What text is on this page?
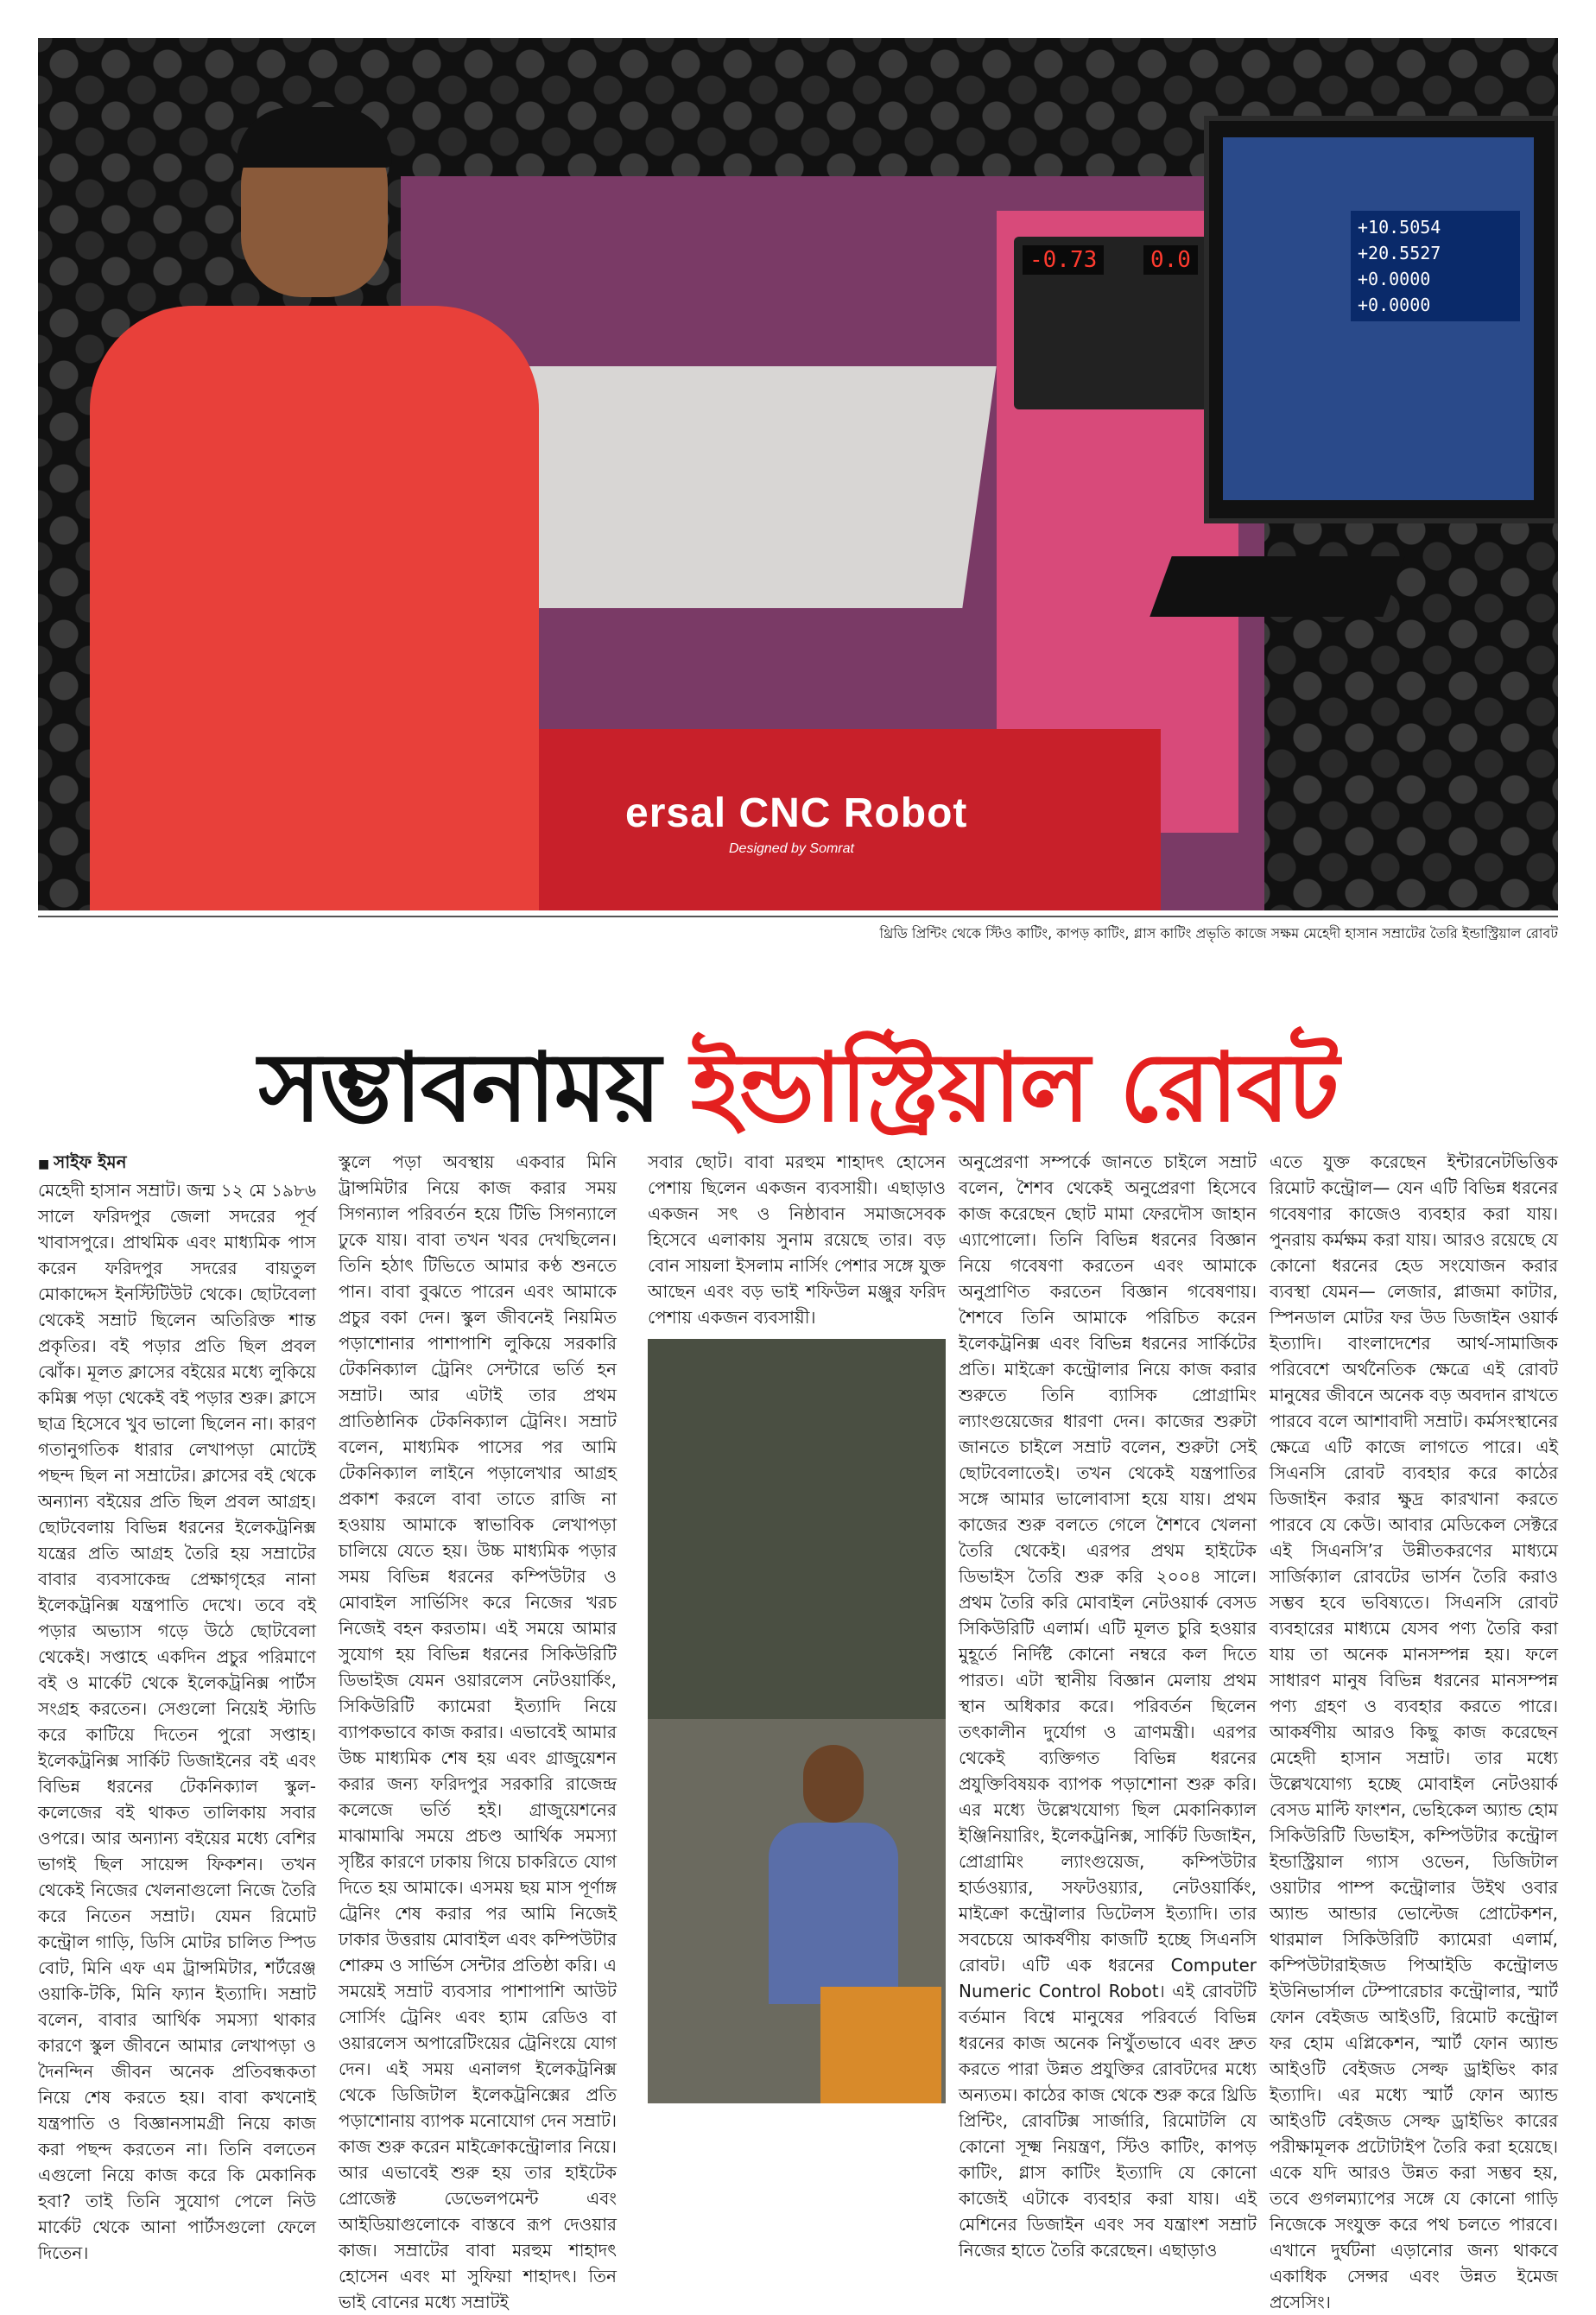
-0.73	0.0
ersal CNC Robot
Designed by Somrat
+10.5054
+20.5527
+0.0000
+0.0000
থ্রিডি প্রিন্টিং থেকে স্টিও কাটিং, কাপড় কাটিং, গ্লাস কাটিং প্রভৃতি কাজে সক্ষম মেহেদী হাসান সম্রাটের তৈরি ইন্ডাস্ট্রিয়াল রোবট
সম্ভাবনাময় ইন্ডাস্ট্রিয়াল রোবট

■ সাইফ ইমন

মেহেদী হাসান সম্রাট। জন্ম ১২ মে ১৯৮৬ সালে ফরিদপুর জেলা সদরের পূর্ব খাবাসপুরে। প্রাথমিক এবং মাধ্যমিক পাস করেন ফরিদপুর সদরের বায়তুল মোকাদ্দেস ইনস্টিটিউট থেকে। ছোটবেলা থেকেই সম্রাট ছিলেন অতিরিক্ত শান্ত প্রকৃতির। বই পড়ার প্রতি ছিল প্রবল ঝোঁক। মূলত ক্লাসের বইয়ের মধ্যে লুকিয়ে কমিক্স পড়া থেকেই বই পড়ার শুরু। ক্লাসে ছাত্র হিসেবে খুব ভালো ছিলেন না। কারণ গতানুগতিক ধারার লেখাপড়া মোটেই পছন্দ ছিল না সম্রাটের। ক্লাসের বই থেকে অন্যান্য বইয়ের প্রতি ছিল প্রবল আগ্রহ। ছোটবেলায় বিভিন্ন ধরনের ইলেকট্রনিক্স যন্ত্রের প্রতি আগ্রহ তৈরি হয় সম্রাটের বাবার ব্যবসাকেন্দ্র প্রেক্ষাগৃহের নানা ইলেকট্রনিক্স যন্ত্রপাতি দেখে। তবে বই পড়ার অভ্যাস গড়ে উঠে ছোটবেলা থেকেই। সপ্তাহে একদিন প্রচুর পরিমাণে বই ও মার্কেট থেকে ইলেকট্রনিক্স পার্টস সংগ্রহ করতেন। সেগুলো নিয়েই স্টাডি করে কাটিয়ে দিতেন পুরো সপ্তাহ। ইলেকট্রনিক্স সার্কিট ডিজাইনের বই এবং বিভিন্ন ধরনের টেকনিক্যাল স্কুল-কলেজের বই থাকত তালিকায় সবার ওপরে। আর অন্যান্য বইয়ের মধ্যে বেশির ভাগই ছিল সায়েন্স ফিকশন। তখন থেকেই নিজের খেলনাগুলো নিজে তৈরি করে নিতেন সম্রাট। যেমন রিমোট কন্ট্রোল গাড়ি, ডিসি মোটর চালিত স্পিড বোট, মিনি এফ এম ট্রান্সমিটার, শর্টরেঞ্জ ওয়াকি-টকি, মিনি ফ্যান ইত্যাদি। সম্রাট বলেন, বাবার আর্থিক সমস্যা থাকার কারণে স্কুল জীবনে আমার লেখাপড়া ও দৈনন্দিন জীবন অনেক প্রতিবন্ধকতা নিয়ে শেষ করতে হয়। বাবা কখনোই যন্ত্রপাতি ও বিজ্ঞানসামগ্রী নিয়ে কাজ করা পছন্দ করতেন না। তিনি বলতেন এগুলো নিয়ে কাজ করে কি মেকানিক হবা? তাই তিনি সুযোগ পেলে নিউ মার্কেট থেকে আনা পার্টসগুলো ফেলে দিতেন।

স্কুলে পড়া অবস্থায় একবার মিনি ট্রান্সমিটার নিয়ে কাজ করার সময় সিগন্যাল পরিবর্তন হয়ে টিভি সিগন্যালে ঢুকে যায়। বাবা তখন খবর দেখছিলেন। তিনি হঠাৎ টিভিতে আমার কণ্ঠ শুনতে পান। বাবা বুঝতে পারেন এবং আমাকে প্রচুর বকা দেন। স্কুল জীবনেই নিয়মিত পড়াশোনার পাশাপাশি লুকিয়ে সরকারি টেকনিক্যাল ট্রেনিং সেন্টারে ভর্তি হন সম্রাট। আর এটাই তার প্রথম প্রাতিষ্ঠানিক টেকনিক্যাল ট্রেনিং। সম্রাট বলেন, মাধ্যমিক পাসের পর আমি টেকনিক্যাল লাইনে পড়ালেখার আগ্রহ প্রকাশ করলে বাবা তাতে রাজি না হওয়ায় আমাকে স্বাভাবিক লেখাপড়া চালিয়ে যেতে হয়। উচ্চ মাধ্যমিক পড়ার সময় বিভিন্ন ধরনের কম্পিউটার ও মোবাইল সার্ভিসিং করে নিজের খরচ নিজেই বহন করতাম। এই সময়ে আমার সুযোগ হয় বিভিন্ন ধরনের সিকিউরিটি ডিভাইজ যেমন ওয়ারলেস নেটওয়ার্কিং, সিকিউরিটি ক্যামেরা ইত্যাদি নিয়ে ব্যাপকভাবে কাজ করার। এভাবেই আমার উচ্চ মাধ্যমিক শেষ হয় এবং গ্রাজুয়েশন করার জন্য ফরিদপুর সরকারি রাজেন্দ্র কলেজে ভর্তি হই। গ্রাজুয়েশনের মাঝামাঝি সময়ে প্রচণ্ড আর্থিক সমস্যা সৃষ্টির কারণে ঢাকায় গিয়ে চাকরিতে যোগ দিতে হয় আমাকে। এসময় ছয় মাস পূর্ণাঙ্গ ট্রেনিং শেষ করার পর আমি নিজেই ঢাকার উত্তরায় মোবাইল এবং কম্পিউটার শোরুম ও সার্ভিস সেন্টার প্রতিষ্ঠা করি। এ সময়েই সম্রাট ব্যবসার পাশাপাশি আউট সোর্সিং ট্রেনিং এবং হ্যাম রেডিও বা ওয়ারলেস অপারেটিংয়ের ট্রেনিংয়ে যোগ দেন। এই সময় এনালগ ইলেকট্রনিক্স থেকে ডিজিটাল ইলেকট্রনিক্সের প্রতি পড়াশোনায় ব্যাপক মনোযোগ দেন সম্রাট। কাজ শুরু করেন মাইক্রোকন্ট্রোলার নিয়ে। আর এভাবেই শুরু হয় তার হাইটেক প্রোজেক্ট ডেভেলপমেন্ট এবং আইডিয়াগুলোকে বাস্তবে রূপ দেওয়ার কাজ। সম্রাটের বাবা মরহুম শাহাদৎ হোসেন এবং মা সুফিয়া শাহাদৎ। তিন ভাই বোনের মধ্যে সম্রাটই

সবার ছোট। বাবা মরহুম শাহাদৎ হোসেন পেশায় ছিলেন একজন ব্যবসায়ী। এছাড়াও একজন সৎ ও নিষ্ঠাবান সমাজসেবক হিসেবে এলাকায় সুনাম রয়েছে তার। বড় বোন সায়লা ইসলাম নার্সিং পেশার সঙ্গে যুক্ত আছেন এবং বড় ভাই শফিউল মঞ্জুর ফরিদ পেশায় একজন ব্যবসায়ী।

অনুপ্রেরণা সম্পর্কে জানতে চাইলে সম্রাট বলেন, শৈশব থেকেই অনুপ্রেরণা হিসেবে কাজ করেছেন ছোট মামা ফেরদৌস জাহান এ্যাপোলো। তিনি বিভিন্ন ধরনের বিজ্ঞান নিয়ে গবেষণা করতেন এবং আমাকে অনুপ্রাণিত করতেন বিজ্ঞান গবেষণায়। শৈশবে তিনি আমাকে পরিচিত করেন ইলেকট্রনিক্স এবং বিভিন্ন ধরনের সার্কিটের প্রতি। মাইক্রো কন্ট্রোলার নিয়ে কাজ করার শুরুতে তিনি ব্যাসিক প্রোগ্রামিং ল্যাংগুয়েজের ধারণা দেন। কাজের শুরুটা জানতে চাইলে সম্রাট বলেন, শুরুটা সেই ছোটবেলাতেই। তখন থেকেই যন্ত্রপাতির সঙ্গে আমার ভালোবাসা হয়ে যায়। প্রথম কাজের শুরু বলতে গেলে শৈশবে খেলনা তৈরি থেকেই। এরপর প্রথম হাইটেক ডিভাইস তৈরি শুরু করি ২০০৪ সালে। প্রথম তৈরি করি মোবাইল নেটওয়ার্ক বেসড সিকিউরিটি এলার্ম। এটি মূলত চুরি হওয়ার মুহূর্তে নির্দিষ্ট কোনো নম্বরে কল দিতে পারত। এটা স্থানীয় বিজ্ঞান মেলায় প্রথম স্থান অধিকার করে। পরিবর্তন ছিলেন তৎকালীন দুর্যোগ ও ত্রাণমন্ত্রী। এরপর থেকেই ব্যক্তিগত বিভিন্ন ধরনের প্রযুক্তিবিষয়ক ব্যাপক পড়াশোনা শুরু করি। এর মধ্যে উল্লেখযোগ্য ছিল মেকানিক্যাল ইঞ্জিনিয়ারিং, ইলেকট্রনিক্স, সার্কিট ডিজাইন, প্রোগ্রামিং ল্যাংগুয়েজ, কম্পিউটার হার্ডওয়্যার, সফটওয়্যার, নেটওয়ার্কিং, মাইক্রো কন্ট্রোলার ডিটেলস ইত্যাদি। তার সবচেয়ে আকর্ষণীয় কাজটি হচ্ছে সিএনসি রোবট। এটি এক ধরনের Computer Numeric Control Robot। এই রোবটটি বর্তমান বিশ্বে মানুষের পরিবর্তে বিভিন্ন ধরনের কাজ অনেক নিখুঁতভাবে এবং দ্রুত করতে পারা উন্নত প্রযুক্তির রোবটদের মধ্যে অন্যতম। কাঠের কাজ থেকে শুরু করে থ্রিডি প্রিন্টিং, রোবটিক্স সার্জারি, রিমোটলি যে কোনো সূক্ষ্ম নিয়ন্ত্রণ, স্টিও কাটিং, কাপড় কাটিং, গ্লাস কাটিং ইত্যাদি যে কোনো কাজেই এটাকে ব্যবহার করা যায়। এই মেশিনের ডিজাইন এবং সব যন্ত্রাংশ সম্রাট নিজের হাতে তৈরি করেছেন। এছাড়াও

এতে যুক্ত করেছেন ইন্টারনেটভিত্তিক রিমোট কন্ট্রোল— যেন এটি বিভিন্ন ধরনের গবেষণার কাজেও ব্যবহার করা যায়। পুনরায় কর্মক্ষম করা যায়। আরও রয়েছে যে কোনো ধরনের হেড সংযোজন করার ব্যবস্থা যেমন— লেজার, প্লাজমা কাটার, স্পিনডাল মোটর ফর উড ডিজাইন ওয়ার্ক ইত্যাদি। বাংলাদেশের আর্থ-সামাজিক পরিবেশে অর্থনৈতিক ক্ষেত্রে এই রোবট মানুষের জীবনে অনেক বড় অবদান রাখতে পারবে বলে আশাবাদী সম্রাট। কর্মসংস্থানের ক্ষেত্রে এটি কাজে লাগতে পারে। এই সিএনসি রোবট ব্যবহার করে কাঠের ডিজাইন করার ক্ষুদ্র কারখানা করতে পারবে যে কেউ। আবার মেডিকেল সেক্টরে এই সিএনসি’র উন্নীতকরণের মাধ্যমে সার্জিক্যাল রোবটের ভার্সন তৈরি করাও সম্ভব হবে ভবিষ্যতে। সিএনসি রোবট ব্যবহারের মাধ্যমে যেসব পণ্য তৈরি করা যায় তা অনেক মানসম্পন্ন হয়। ফলে সাধারণ মানুষ বিভিন্ন ধরনের মানসম্পন্ন পণ্য গ্রহণ ও ব্যবহার করতে পারে। আকর্ষণীয় আরও কিছু কাজ করেছেন মেহেদী হাসান সম্রাট। তার মধ্যে উল্লেখযোগ্য হচ্ছে মোবাইল নেটওয়ার্ক বেসড মাল্টি ফাংশন, ভেহিকেল অ্যান্ড হোম সিকিউরিটি ডিভাইস, কম্পিউটার কন্ট্রোল ইন্ডাস্ট্রিয়াল গ্যাস ওভেন, ডিজিটাল ওয়াটার পাম্প কন্ট্রোলার উইথ ওবার অ্যান্ড আন্ডার ভোল্টেজ প্রোটেকশন, থারমাল সিকিউরিটি ক্যামেরা এলার্ম, কম্পিউটারাইজড পিআইডি কন্ট্রোলড ইউনিভার্সাল টেম্পারেচার কন্ট্রোলার, স্মার্ট ফোন বেইজড আইওটি, রিমোট কন্ট্রোল ফর হোম এপ্লিকেশন, স্মার্ট ফোন অ্যান্ড আইওটি বেইজড সেল্ফ ড্রাইভিং কার ইত্যাদি। এর মধ্যে স্মার্ট ফোন অ্যান্ড আইওটি বেইজড সেল্ফ ড্রাইভিং কারের পরীক্ষামূলক প্রটোটাইপ তৈরি করা হয়েছে। একে যদি আরও উন্নত করা সম্ভব হয়, তবে গুগলম্যাপের সঙ্গে যে কোনো গাড়ি নিজেকে সংযুক্ত করে পথ চলতে পারবে। এখানে দুর্ঘটনা এড়ানোর জন্য থাকবে একাধিক সেন্সর এবং উন্নত ইমেজ প্রসেসিং।
